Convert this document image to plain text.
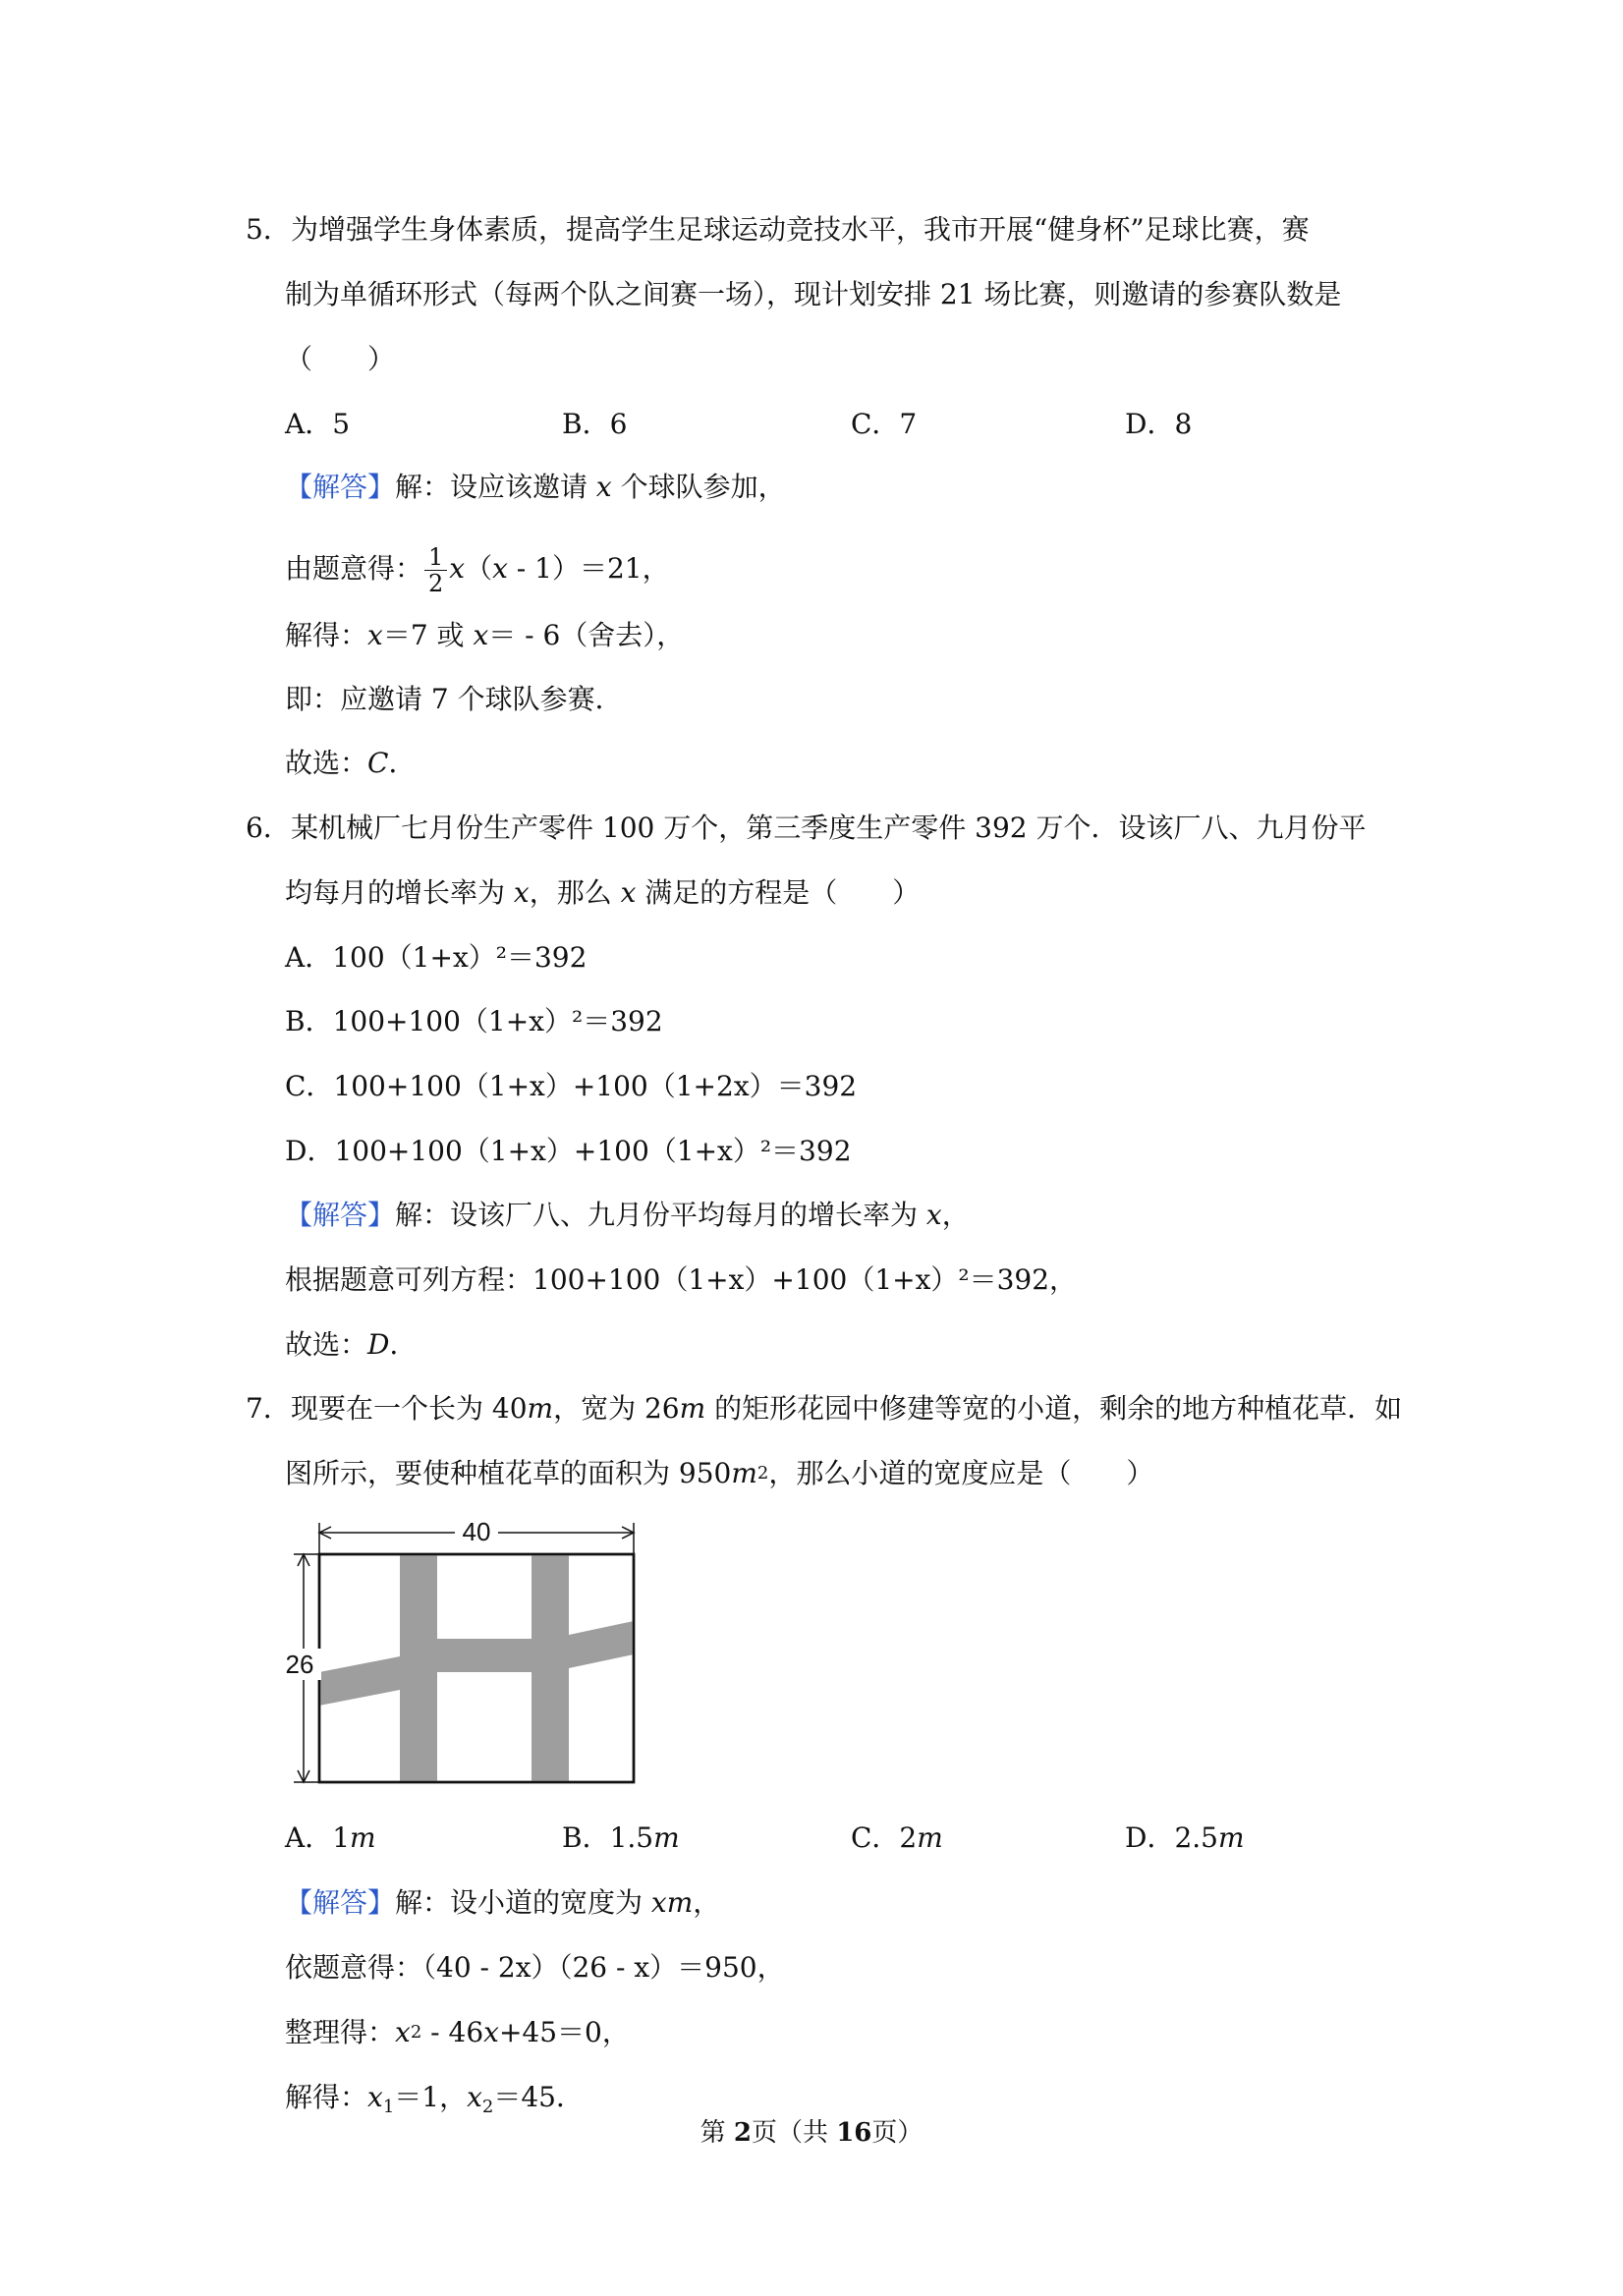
5． 为增强学生身体素质，提高学生足球运动竞技水平，我市开展“健身杯”足球比赛，赛
制为单循环形式（每两个队之间赛一场），现计划安排 21 场比赛，则邀请的参赛队数是
（　　）
A．5	B．6	C．7	D．8
【解答】解：设应该邀请 x 个球队参加，
由题意得： $\frac{1}{2} x(x - 1)=21$，
解得：x＝7 或 x＝ - 6（舍去），
即：应邀请 7 个球队参赛．
故选：C．
6． 某机械厂七月份生产零件 100 万个，第三季度生产零件 392 万个．设该厂八、九月份平
均每月的增长率为 x，那么 x 满足的方程是（　　）
A．100（1+x）²＝392
B．100+100（1+x）²＝392
C．100+100（1+x）+100（1+2x）＝392
D．100+100（1+x）+100（1+x）²＝392
【解答】解：设该厂八、九月份平均每月的增长率为 x，
根据题意可列方程：100+100（1+x）+100（1+x）²＝392，
故选：D．
7． 现要在一个长为 40m，宽为 26m 的矩形花园中修建等宽的小道，剩余的地方种植花草．如
图所示，要使种植花草的面积为 $950m^2$，那么小道的宽度应是（　　）
40
26
A．1m	B．1.5m	C．2m	D．2.5m
【解答】解：设小道的宽度为 xm，
依题意得：（40 - 2x）（26 - x）＝950，
整理得：$x^2 - 46x+45=0$，
解得：$x_1=1$，$x_2=45$．
第 2页（共 16页）
